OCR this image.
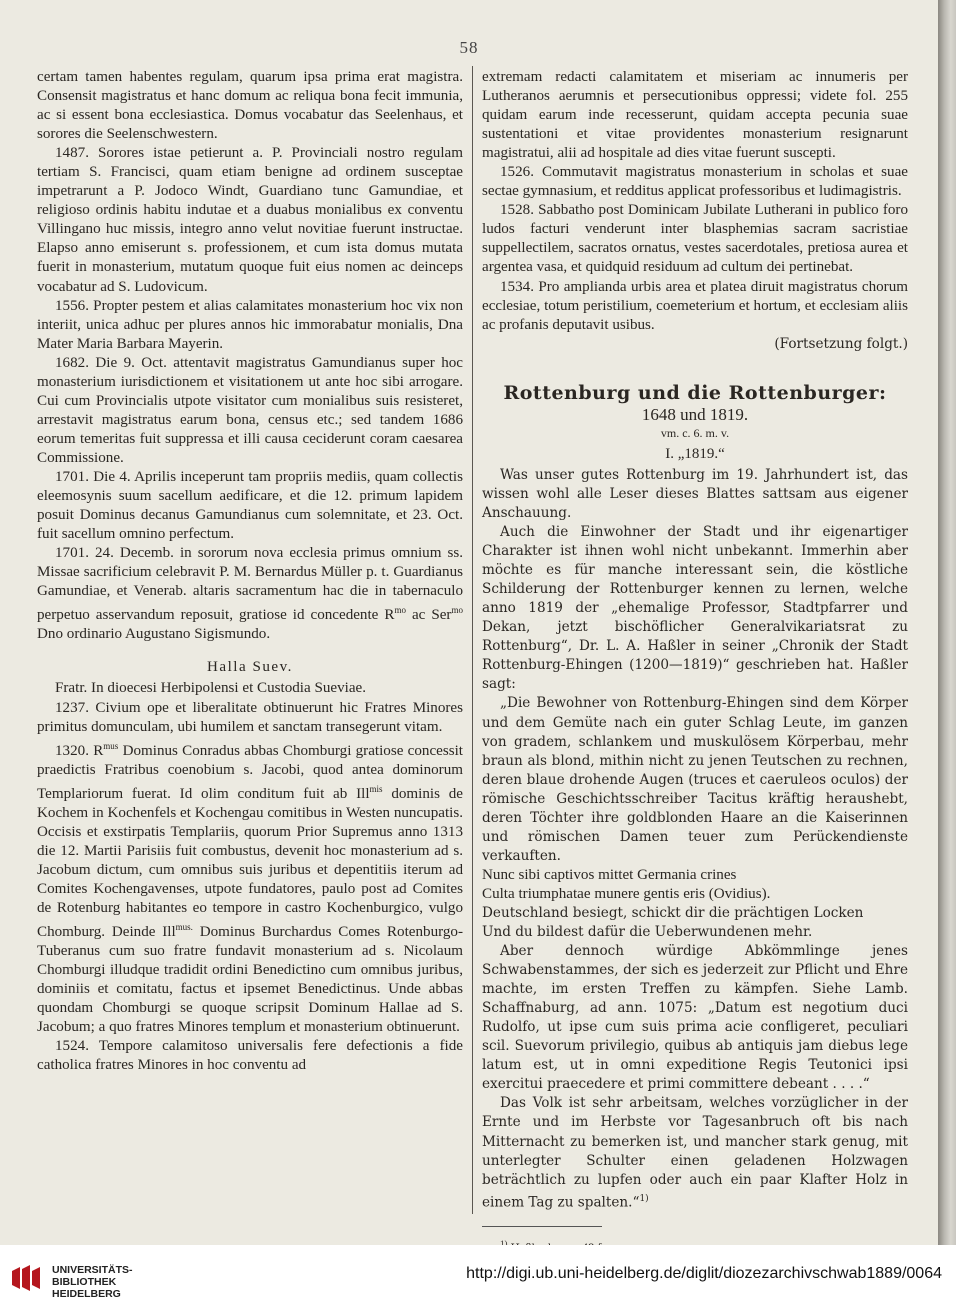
58

certam tamen habentes regulam, quarum ipsa prima erat magistra. Consensit magistratus et hanc domum ac reliqua bona fecit immunia, ac si essent bona ecclesiastica. Domus vocabatur das Seelenhaus, et sorores die Seelenschwestern.

1487. Sorores istae petierunt a. P. Provinciali nostro regulam tertiam S. Francisci, quam etiam benigne ad ordinem susceptae impetrarunt a P. Jodoco Windt, Guardiano tunc Gamundiae, et religioso ordinis habitu indutae et a duabus monialibus ex conventu Villingano huc missis, integro anno velut novitiae fuerunt instructae. Elapso anno emiserunt s. professionem, et cum ista domus mutata fuerit in monasterium, mutatum quoque fuit eius nomen ac deinceps vocabatur ad S. Ludovicum.

1556. Propter pestem et alias calamitates monasterium hoc vix non interiit, unica adhuc per plures annos hic immorabatur monialis, Dna Mater Maria Barbara Mayerin.

1682. Die 9. Oct. attentavit magistratus Gamundianus super hoc monasterium iurisdictionem et visitationem ut ante hoc sibi arrogare. Cui cum Provincialis utpote visitator cum monialibus suis resisteret, arrestavit magistratus earum bona, census etc.; sed tandem 1686 eorum temeritas fuit suppressa et illi causa ceciderunt coram caesarea Commissione.

1701. Die 4. Aprilis inceperunt tam propriis mediis, quam collectis eleemosynis suum sacellum aedificare, et die 12. primum lapidem posuit Dominus decanus Gamundianus cum solemnitate, et 23. Oct. fuit sacellum omnino perfectum.

1701. 24. Decemb. in sororum nova ecclesia primus omnium ss. Missae sacrificium celebravit P. M. Bernardus Müller p. t. Guardianus Gamundiae, et Venerab. altaris sacramentum hac die in tabernaculo perpetuo asservandum reposuit, gratiose id concedente $R^{mo}$ ac Ser$^{mo}$ Dno ordinario Augustano Sigismundo.

Halla Suev.

Fratr. In dioecesi Herbipolensi et Custodia Sueviae.

1237. Civium ope et liberalitate obtinuerunt hic Fratres Minores primitus domunculam, ubi humilem et sanctam transegerunt vitam.

1320. $R^{mus}$ Dominus Conradus abbas Chomburgi gratiose concessit praedictis Fratribus coenobium s. Jacobi, quod antea dominorum Templariorum fuerat. Id olim conditum fuit ab Ill$^{mis}$ dominis de Kochem in Kochenfels et Kochengau comitibus in Westen nuncupatis. Occisis et exstirpatis Templariis, quorum Prior Supremus anno 1313 die 12. Martii Parisiis fuit combustus, devenit hoc monasterium ad s. Jacobum dictum, cum omnibus suis juribus et depentitiis iterum ad Comites Kochengavenses, utpote fundatores, paulo post ad Comites de Rotenburg habitantes eo tempore in castro Kochenburgico, vulgo Chomburg. Deinde Ill$^{mus.}$ Dominus Burchardus Comes Rotenburgo-Tuberanus cum suo fratre fundavit monasterium ad s. Nicolaum Chomburgi illudque tradidit ordini Benedictino cum omnibus juribus, dominiis et comitatu, factus et ipsemet Benedictinus. Unde abbas quondam Chomburgi se quoque scripsit Dominum Hallae ad S. Jacobum; a quo fratres Minores templum et monasterium obtinuerunt.

1524. Tempore calamitoso universalis fere defectionis a fide catholica fratres Minores in hoc conventu ad

extremam redacti calamitatem et miseriam ac innumeris per Lutheranos aerumnis et persecutionibus oppressi; videte fol. 255 quidam earum inde recesserunt, quidam accepta pecunia suae sustentationi et vitae providentes monasterium resignarunt magistratui, alii ad hospitale ad dies vitae fuerunt suscepti.

1526. Commutavit magistratus monasterium in scholas et suae sectae gymnasium, et redditus applicat professoribus et ludimagistris.

1528. Sabbatho post Dominicam Jubilate Lutherani in publico foro ludos facturi venderunt inter blasphemias sacram sacristiae suppellectilem, sacratos ornatus, vestes sacerdotales, pretiosa aurea et argentea vasa, et quidquid residuum ad cultum dei pertinebat.

1534. Pro amplianda urbis area et platea diruit magistratus chorum ecclesiae, totum peristilium, coemeterium et hortum, et ecclesiam aliis ac profanis deputavit usibus.

(Fortsetzung folgt.)

Rottenburg und die Rottenburger:
1648 und 1819.
vm. c. 6. m. v.
I. „1819.“

Was unser gutes Rottenburg im 19. Jahrhundert ist, das wissen wohl alle Leser dieses Blattes sattsam aus eigener Anschauung.

Auch die Einwohner der Stadt und ihr eigenartiger Charakter ist ihnen wohl nicht unbekannt. Immerhin aber möchte es für manche interessant sein, die köstliche Schilderung der Rottenburger kennen zu lernen, welche anno 1819 der „ehemalige Professor, Stadtpfarrer und Dekan, jetzt bischöflicher Generalvikariatsrat zu Rottenburg“, Dr. L. A. Haßler in seiner „Chronik der Stadt Rottenburg-Ehingen (1200—1819)“ geschrieben hat. Haßler sagt:

„Die Bewohner von Rottenburg-Ehingen sind dem Körper und dem Gemüte nach ein guter Schlag Leute, im ganzen von gradem, schlankem und muskulösem Körperbau, mehr braun als blond, mithin nicht zu jenen Teutschen zu rechnen, deren blaue drohende Augen (truces et caeruleos oculos) der römische Geschichtsschreiber Tacitus kräftig heraushebt, deren Töchter ihre goldblonden Haare an die Kaiserinnen und römischen Damen teuer zum Perückendienste verkauften.

Nunc sibi captivos mittet Germania crines

Culta triumphatae munere gentis eris (Ovidius).

Deutschland besiegt, schickt dir die prächtigen Locken

Und du bildest dafür die Ueberwundenen mehr.

Aber dennoch würdige Abkömmlinge jenes Schwabenstammes, der sich es jederzeit zur Pflicht und Ehre machte, im ersten Treffen zu kämpfen. Siehe Lamb. Schaffnaburg, ad ann. 1075: „Datum est negotium duci Rudolfo, ut ipse cum suis prima acie confligeret, peculiari scil. Suevorum privilegio, quibus ab antiquis jam diebus lege latum est, ut in omni expeditione Regis Teutonici ipsi exercitui praecedere et primi committere debeant . . . .“

Das Volk ist sehr arbeitsam, welches vorzüglicher in der Ernte und im Herbste vor Tagesanbruch oft bis nach Mitternacht zu bemerken ist, und mancher stark genug, mit unterlegter Schulter einen geladenen Holzwagen beträchtlich zu lupfen oder auch ein paar Klafter Holz in einem Tag zu spalten.“$^{1)}$

UNIVERSITÄTS-
BIBLIOTHEK
HEIDELBERG
http://digi.ub.uni-heidelberg.de/diglit/diozezarchivschwab1889/0064
